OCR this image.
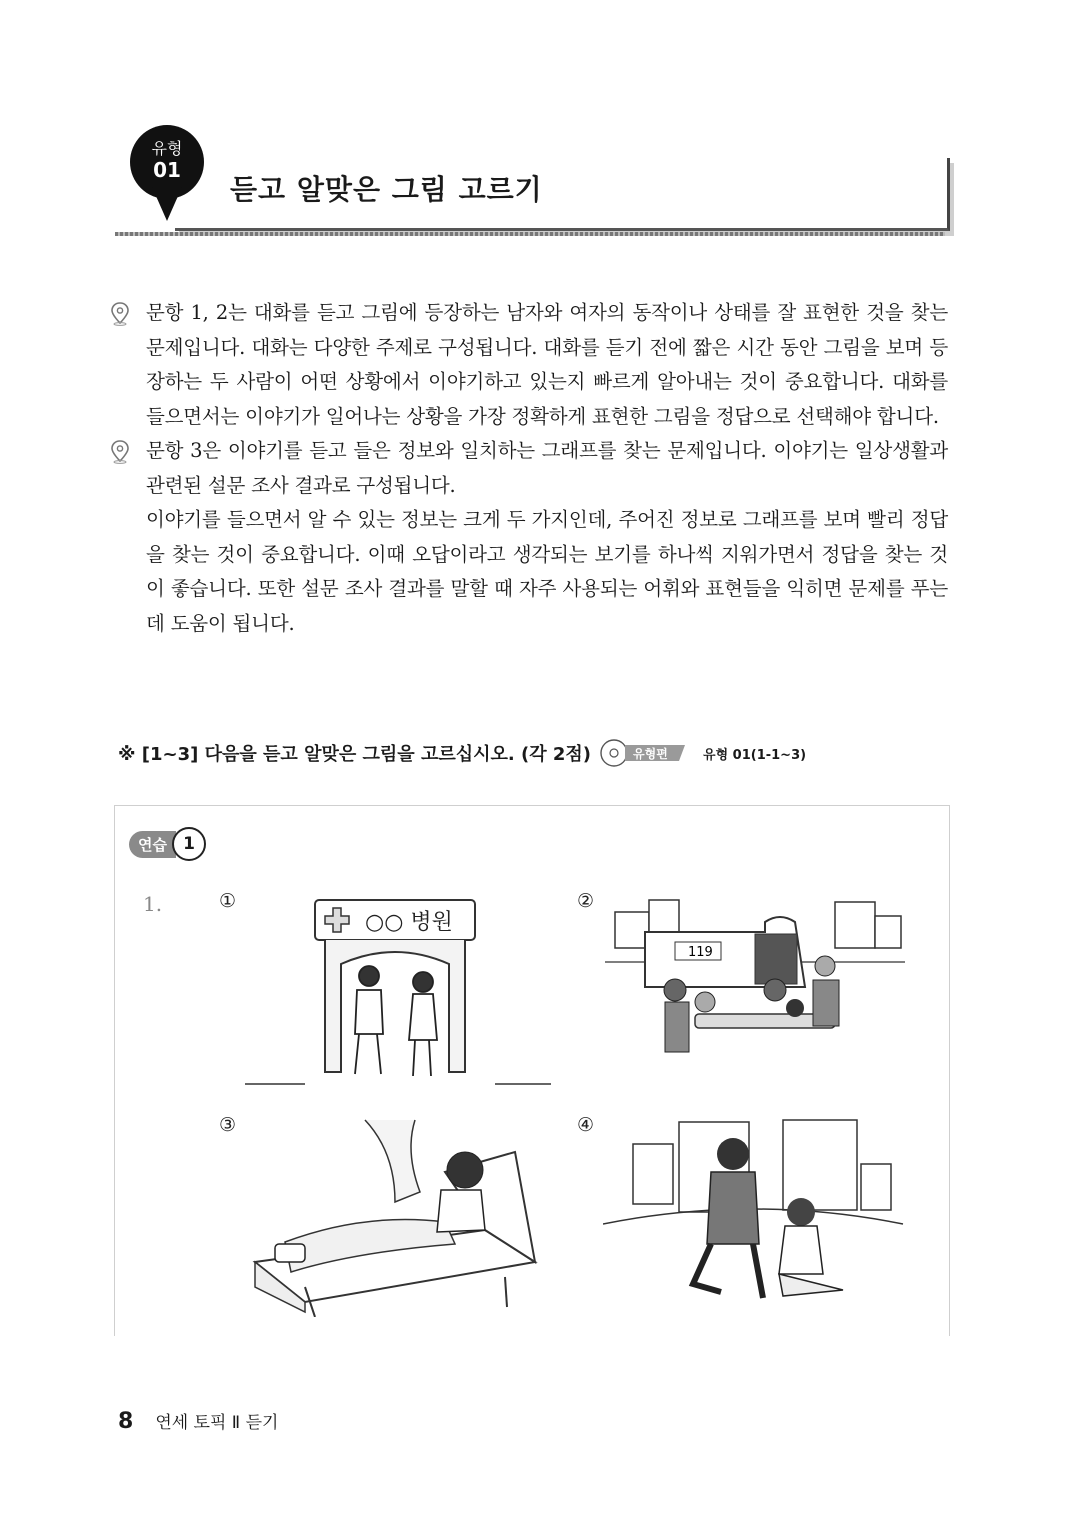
유형
01
듣고 알맞은 그림 고르기

문항 1, 2는 대화를 듣고 그림에 등장하는 남자와 여자의 동작이나 상태를 잘 표현한 것을 찾는 문제입니다. 대화는 다양한 주제로 구성됩니다. 대화를 듣기 전에 짧은 시간 동안 그림을 보며 등장하는 두 사람이 어떤 상황에서 이야기하고 있는지 빠르게 알아내는 것이 중요합니다. 대화를 들으면서는 이야기가 일어나는 상황을 가장 정확하게 표현한 그림을 정답으로 선택해야 합니다.

문항 3은 이야기를 듣고 들은 정보와 일치하는 그래프를 찾는 문제입니다. 이야기는 일상생활과 관련된 설문 조사 결과로 구성됩니다.

이야기를 들으면서 알 수 있는 정보는 크게 두 가지인데, 주어진 정보로 그래프를 보며 빨리 정답을 찾는 것이 중요합니다. 이때 오답이라고 생각되는 보기를 하나씩 지워가면서 정답을 찾는 것이 좋습니다. 또한 설문 조사 결과를 말할 때 자주 사용되는 어휘와 표현들을 익히면 문제를 푸는 데 도움이 됩니다.

※ [1~3] 다음을 듣고 알맞은 그림을 고르십시오. (각 2점)	유형 01(1-1~3)
연습 1
1.	①	②
③	④
○○ 병원
119
8 연세 토픽 Ⅱ 듣기
